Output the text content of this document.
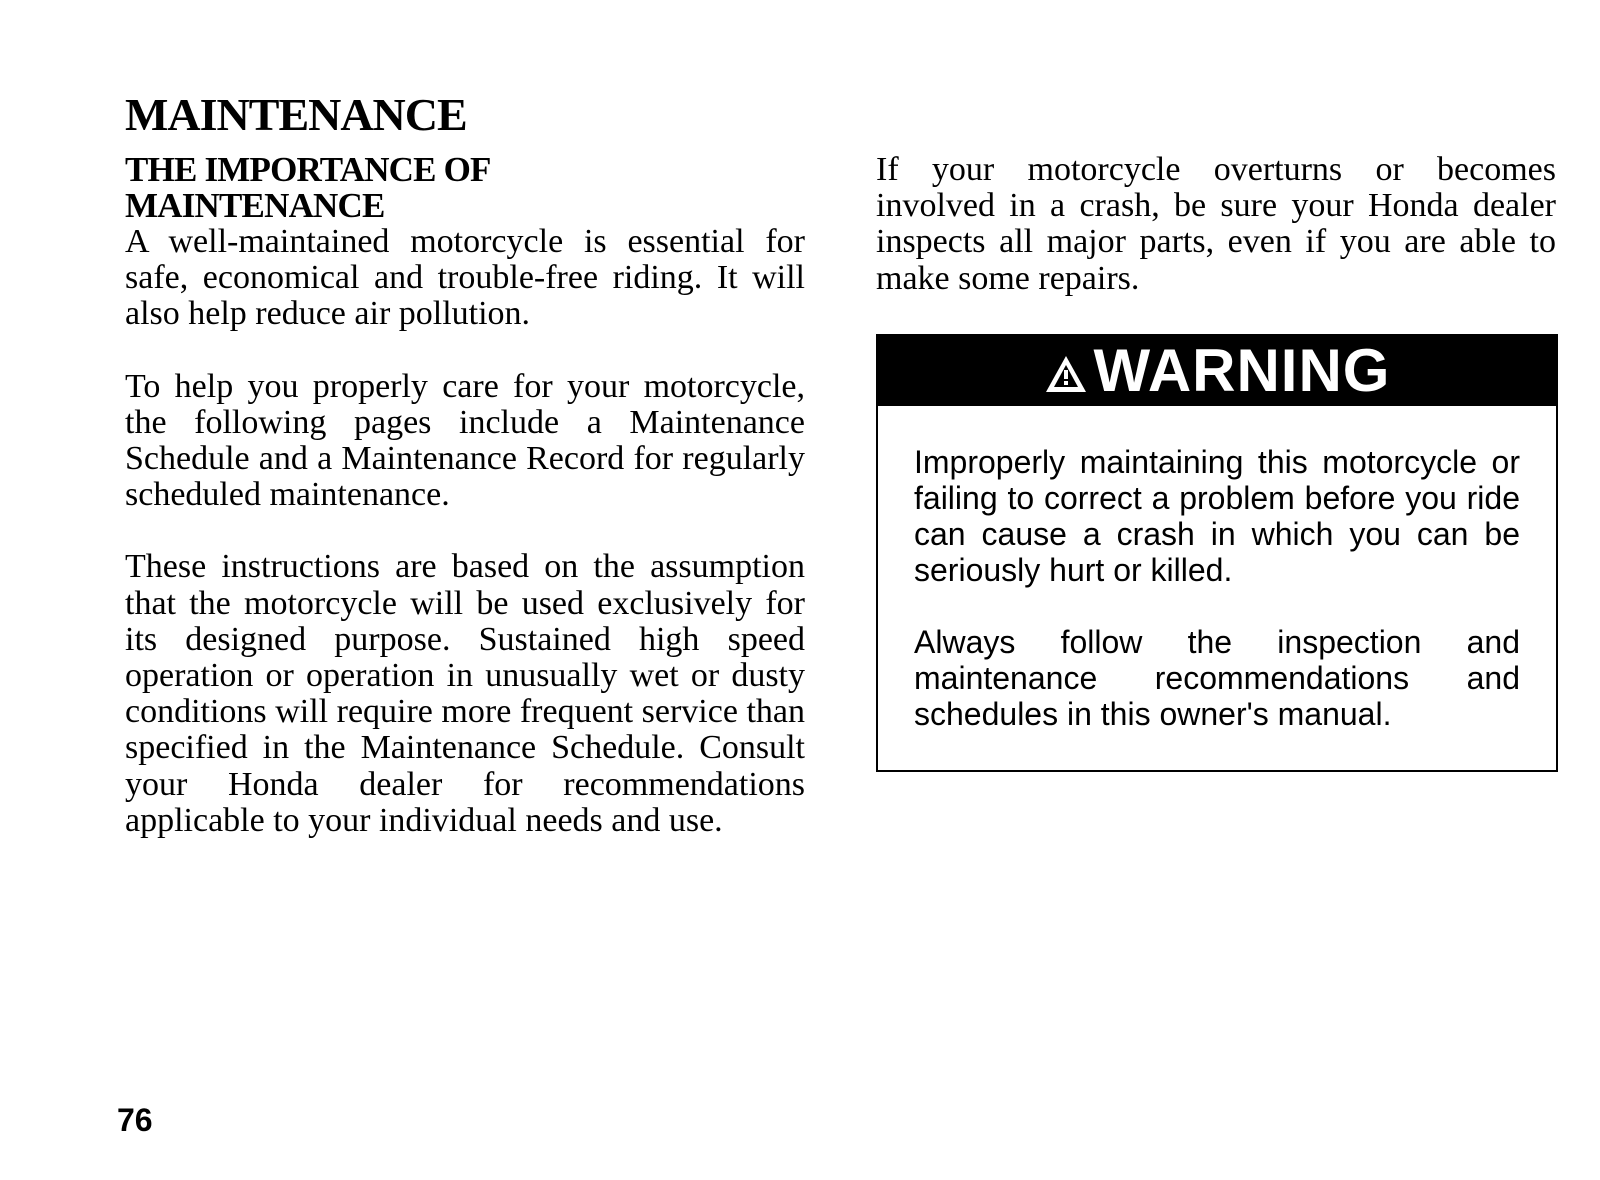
MAINTENANCE
THE IMPORTANCE OF
MAINTENANCE

A well-maintained motorcycle is essential for safe, economical and trouble-free riding. It will also help reduce air pollution.

To help you properly care for your motorcycle, the following pages include a Maintenance Schedule and a Maintenance Record for regularly scheduled maintenance.

These instructions are based on the assumption that the motorcycle will be used exclusively for its designed purpose. Sustained high speed operation or operation in unusually wet or dusty conditions will require more frequent service than specified in the Maintenance Schedule. Consult your Honda dealer for recommendations applicable to your individual needs and use.

If your motorcycle overturns or becomes involved in a crash, be sure your Honda dealer inspects all major parts, even if you are able to make some repairs.

WARNING

Improperly maintaining this motorcycle or failing to correct a problem before you ride can cause a crash in which you can be seriously hurt or killed.

Always follow the inspection and maintenance recommendations and schedules in this owner's manual.

76
